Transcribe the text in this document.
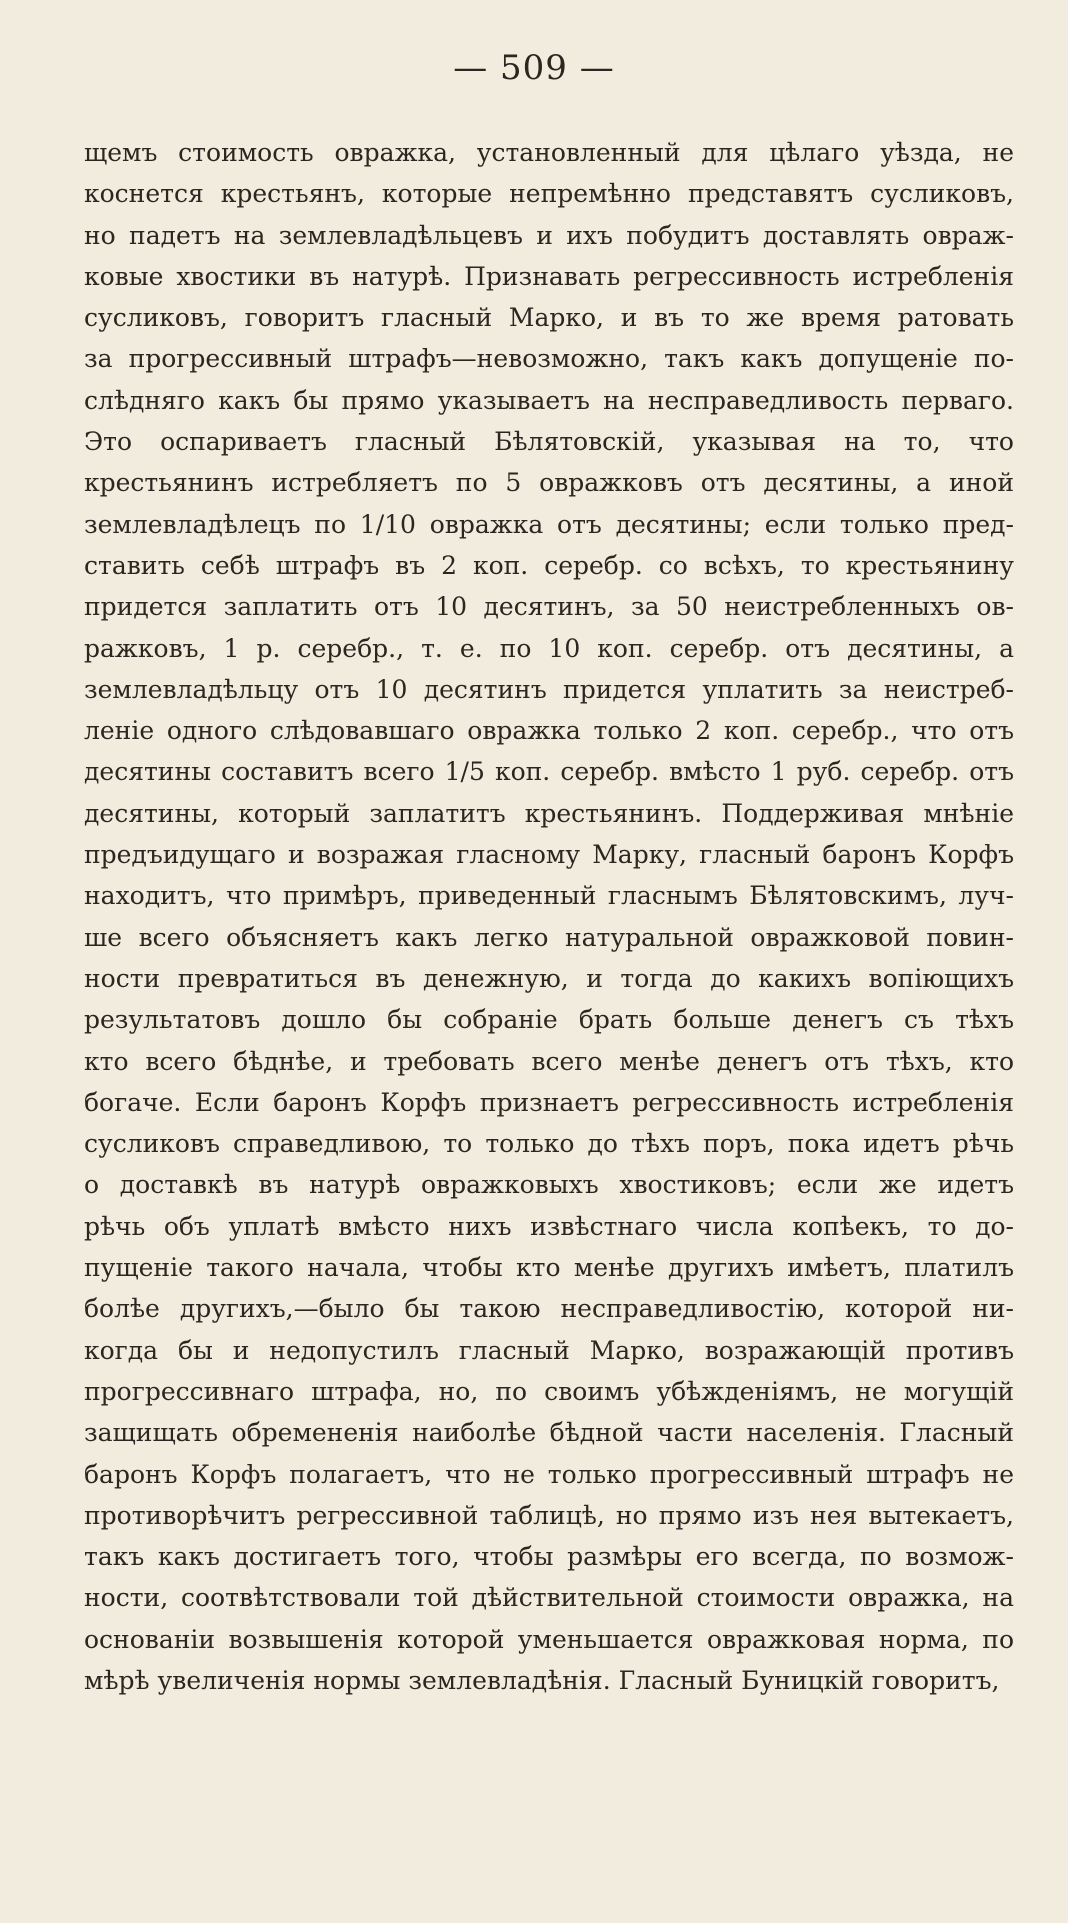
— 509 —
щемъ стоимость овражка, установленный для цѣлаго уѣзда, не
коснется крестьянъ, которые непремѣнно представятъ сусликовъ,
но падетъ на землевладѣльцевъ и ихъ побудитъ доставлять овраж-
ковые хвостики въ натурѣ. Признавать регрессивность истребленія
сусликовъ, говоритъ гласный Марко, и въ то же время ратовать
за прогрессивный штрафъ—невозможно, такъ какъ допущеніе по-
слѣдняго какъ бы прямо указываетъ на несправедливость перваго.
Это оспариваетъ гласный Бѣлятовскій, указывая на то, что
крестьянинъ истребляетъ по 5 овражковъ отъ десятины, а иной
землевладѣлецъ по 1/10 овражка отъ десятины; если только пред-
ставить себѣ штрафъ въ 2 коп. серебр. со всѣхъ, то крестьянину
придется заплатить отъ 10 десятинъ, за 50 неистребленныхъ ов-
ражковъ, 1 р. серебр., т. е. по 10 коп. серебр. отъ десятины, а
землевладѣльцу отъ 10 десятинъ придется уплатить за неистреб-
леніе одного слѣдовавшаго овражка только 2 коп. серебр., что отъ
десятины составитъ всего 1/5 коп. серебр. вмѣсто 1 руб. серебр. отъ
десятины, который заплатитъ крестьянинъ. Поддерживая мнѣніе
предъидущаго и возражая гласному Марку, гласный баронъ Корфъ
находитъ, что примѣръ, приведенный гласнымъ Бѣлятовскимъ, луч-
ше всего объясняетъ какъ легко натуральной овражковой повин-
ности превратиться въ денежную, и тогда до какихъ вопіющихъ
результатовъ дошло бы собраніе брать больше денегъ съ тѣхъ
кто всего бѣднѣе, и требовать всего менѣе денегъ отъ тѣхъ, кто
богаче. Если баронъ Корфъ признаетъ регрессивность истребленія
сусликовъ справедливою, то только до тѣхъ поръ, пока идетъ рѣчь
о доставкѣ въ натурѣ овражковыхъ хвостиковъ; если же идетъ
рѣчь объ уплатѣ вмѣсто нихъ извѣстнаго числа копѣекъ, то до-
пущеніе такого начала, чтобы кто менѣе другихъ имѣетъ, платилъ
болѣе другихъ,—было бы такою несправедливостію, которой ни-
когда бы и недопустилъ гласный Марко, возражающій противъ
прогрессивнаго штрафа, но, по своимъ убѣжденіямъ, не могущій
защищать обремененія наиболѣе бѣдной части населенія. Гласный
баронъ Корфъ полагаетъ, что не только прогрессивный штрафъ не
противорѣчитъ регрессивной таблицѣ, но прямо изъ нея вытекаетъ,
такъ какъ достигаетъ того, чтобы размѣры его всегда, по возмож-
ности, соотвѣтствовали той дѣйствительной стоимости овражка, на
основаніи возвышенія которой уменьшается овражковая норма, по
мѣрѣ увеличенія нормы землевладѣнія. Гласный Буницкій говоритъ,
